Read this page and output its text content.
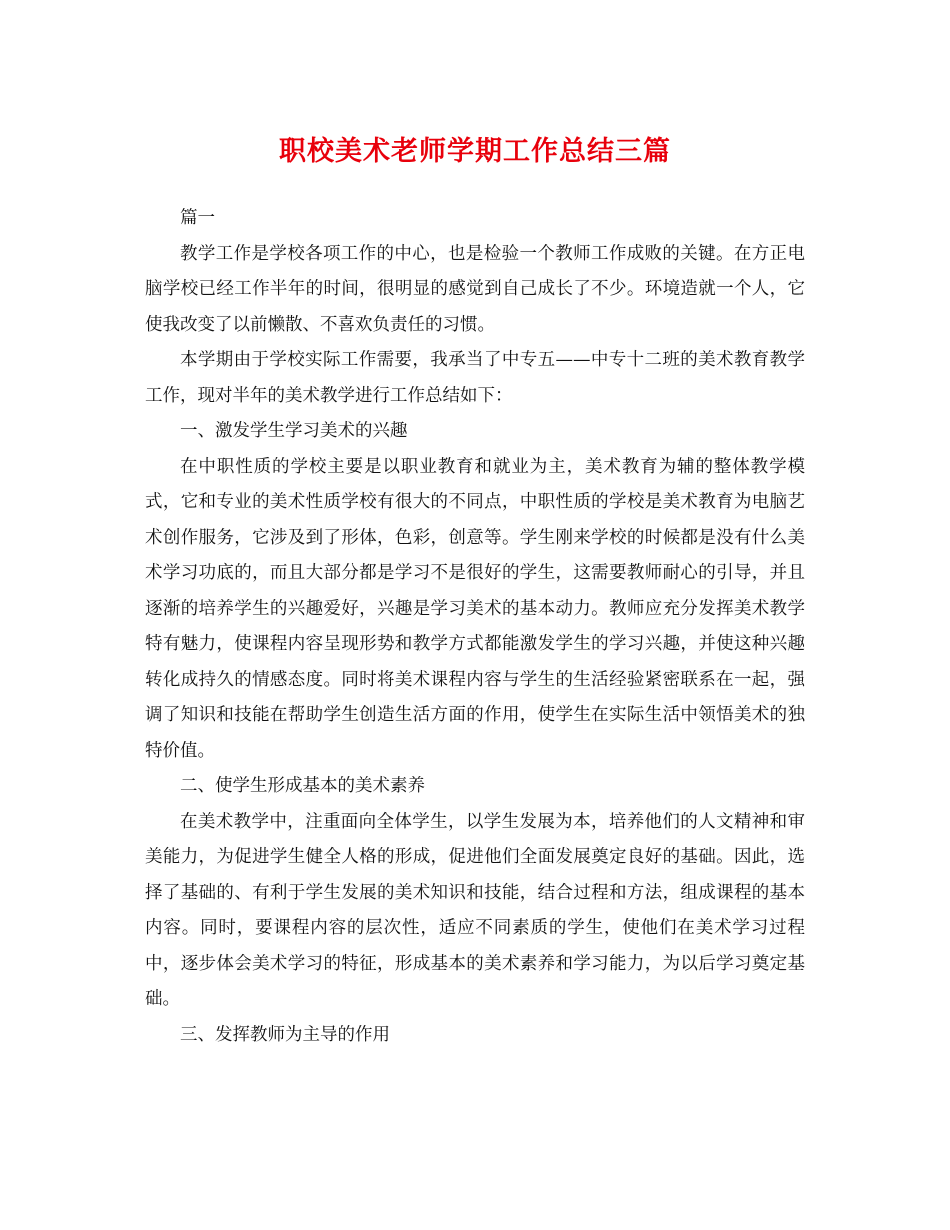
职校美术老师学期工作总结三篇

篇一

教学工作是学校各项工作的中心，也是检验一个教师工作成败的关键。在方正电脑学校已经工作半年的时间，很明显的感觉到自己成长了不少。环境造就一个人，它使我改变了以前懒散、不喜欢负责任的习惯。

本学期由于学校实际工作需要，我承当了中专五——中专十二班的美术教育教学工作，现对半年的美术教学进行工作总结如下：

一、激发学生学习美术的兴趣

在中职性质的学校主要是以职业教育和就业为主，美术教育为辅的整体教学模式，它和专业的美术性质学校有很大的不同点，中职性质的学校是美术教育为电脑艺术创作服务，它涉及到了形体，色彩，创意等。学生刚来学校的时候都是没有什么美术学习功底的，而且大部分都是学习不是很好的学生，这需要教师耐心的引导，并且逐渐的培养学生的兴趣爱好，兴趣是学习美术的基本动力。教师应充分发挥美术教学特有魅力，使课程内容呈现形势和教学方式都能激发学生的学习兴趣，并使这种兴趣转化成持久的情感态度。同时将美术课程内容与学生的生活经验紧密联系在一起，强调了知识和技能在帮助学生创造生活方面的作用，使学生在实际生活中领悟美术的独特价值。

二、使学生形成基本的美术素养

在美术教学中，注重面向全体学生，以学生发展为本，培养他们的人文精神和审美能力，为促进学生健全人格的形成，促进他们全面发展奠定良好的基础。因此，选择了基础的、有利于学生发展的美术知识和技能，结合过程和方法，组成课程的基本内容。同时，要课程内容的层次性，适应不同素质的学生，使他们在美术学习过程中，逐步体会美术学习的特征，形成基本的美术素养和学习能力，为以后学习奠定基础。

三、发挥教师为主导的作用
